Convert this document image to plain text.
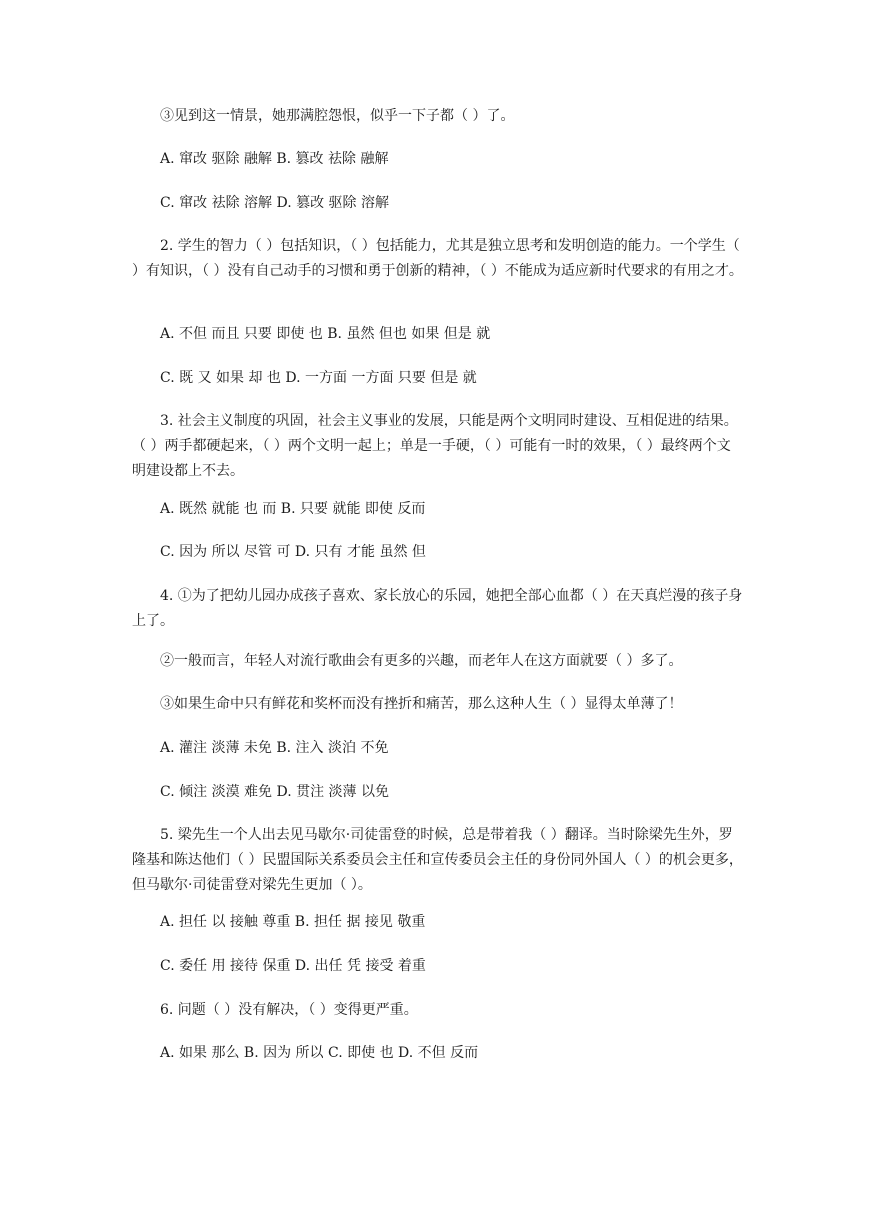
③见到这一情景，她那满腔怨恨，似乎一下子都（ ）了。
A. 窜改 驱除 融解 B. 篡改 祛除 融解
C. 窜改 祛除 溶解 D. 篡改 驱除 溶解
2. 学生的智力（ ）包括知识，（ ）包括能力，尤其是独立思考和发明创造的能力。一个学生（ ）有知识，（ ）没有自己动手的习惯和勇于创新的精神，（ ）不能成为适应新时代要求的有用之才。
A. 不但 而且 只要 即使 也 B. 虽然 但也 如果 但是 就
C. 既 又 如果 却 也 D. 一方面 一方面 只要 但是 就
3. 社会主义制度的巩固，社会主义事业的发展，只能是两个文明同时建设、互相促进的结果。（ ）两手都硬起来，（ ）两个文明一起上；单是一手硬，（ ）可能有一时的效果，（ ）最终两个文明建设都上不去。
A. 既然 就能 也 而 B. 只要 就能 即使 反而
C. 因为 所以 尽管 可 D. 只有 才能 虽然 但
4. ①为了把幼儿园办成孩子喜欢、家长放心的乐园，她把全部心血都（ ）在天真烂漫的孩子身上了。
②一般而言，年轻人对流行歌曲会有更多的兴趣，而老年人在这方面就要（ ）多了。
③如果生命中只有鲜花和奖杯而没有挫折和痛苦，那么这种人生（ ）显得太单薄了！
A. 灌注 淡薄 未免 B. 注入 淡泊 不免
C. 倾注 淡漠 难免 D. 贯注 淡薄 以免
5. 梁先生一个人出去见马歇尔·司徒雷登的时候，总是带着我（ ）翻译。当时除梁先生外，罗隆基和陈达他们（ ）民盟国际关系委员会主任和宣传委员会主任的身份同外国人（ ）的机会更多，但马歇尔·司徒雷登对梁先生更加（ ）。
A. 担任 以 接触 尊重 B. 担任 据 接见 敬重
C. 委任 用 接待 保重 D. 出任 凭 接受 着重
6. 问题（ ）没有解决，（ ）变得更严重。
A. 如果 那么 B. 因为 所以 C. 即使 也 D. 不但 反而
